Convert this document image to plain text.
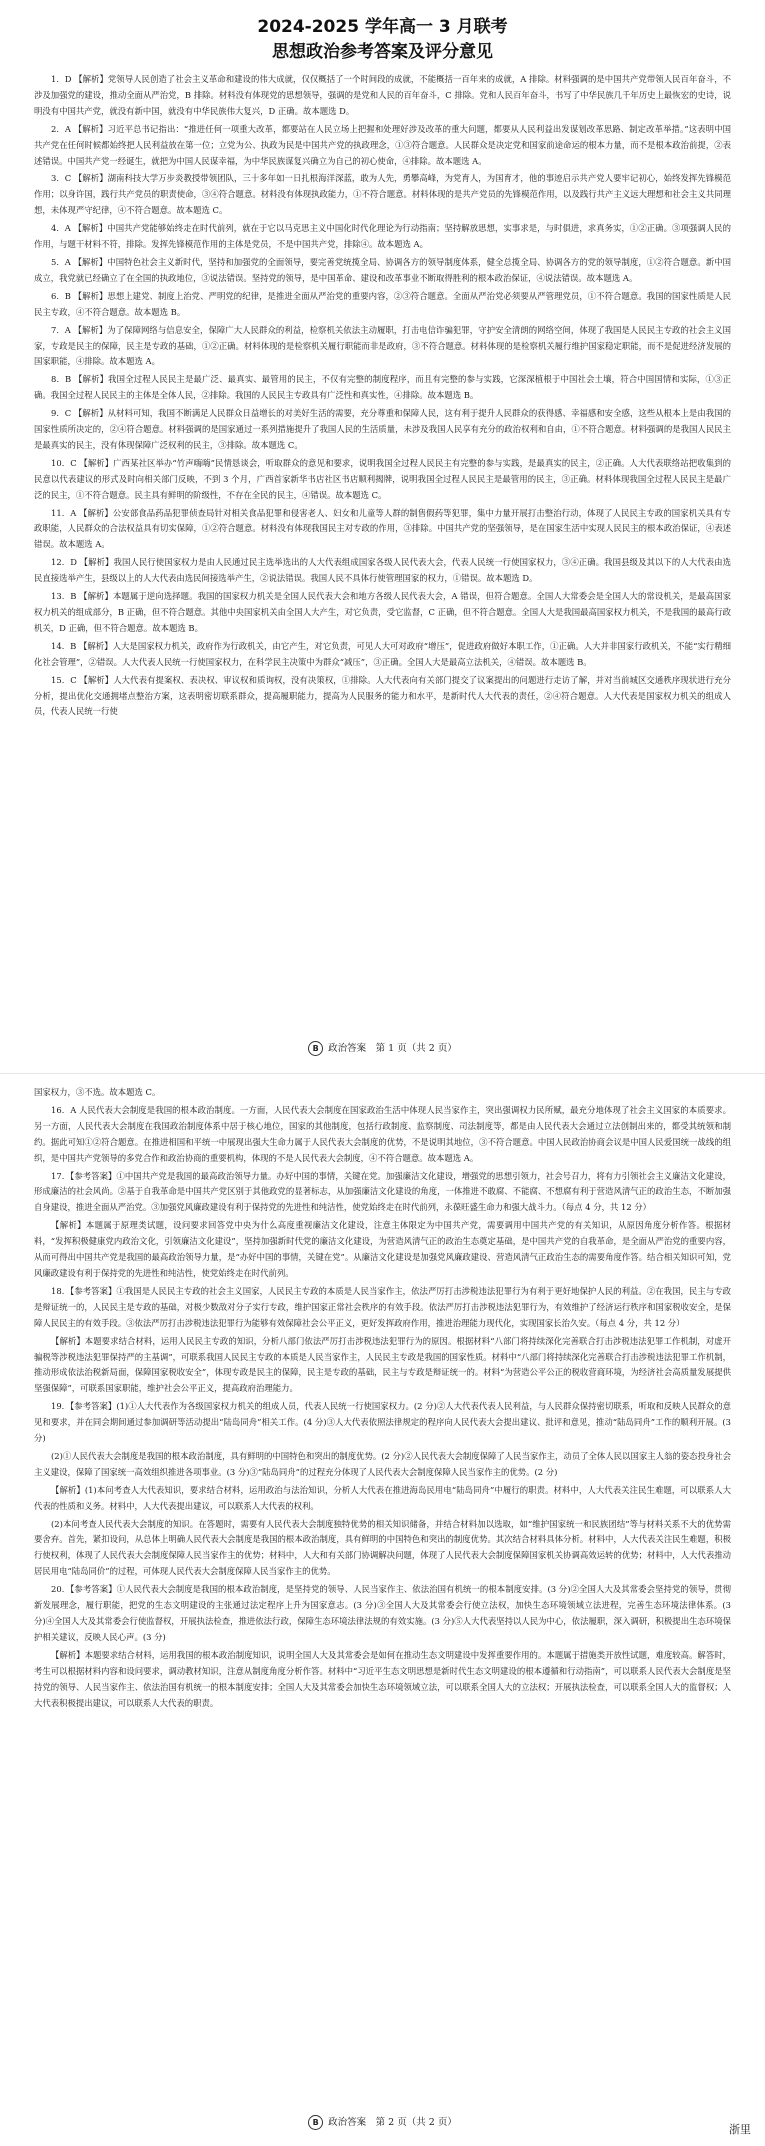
2024-2025 学年高一 3 月联考
思想政治参考答案及评分意见

1．D 【解析】党领导人民创造了社会主义革命和建设的伟大成就，仅仅概括了一个时间段的成就，不能概括一百年来的成就，A 排除。材料强调的是中国共产党带领人民百年奋斗，不涉及加强党的建设，推动全面从严治党，B 排除。材料没有体现党的思想领导，强调的是党和人民的百年奋斗，C 排除。党和人民百年奋斗，书写了中华民族几千年历史上最恢宏的史诗，说明没有中国共产党，就没有新中国，就没有中华民族伟大复兴，D 正确。故本题选 D。

2．A 【解析】习近平总书记指出：“推进任何一项重大改革，都要站在人民立场上把握和处理好涉及改革的重大问题，都要从人民利益出发谋划改革思路、制定改革举措。”这表明中国共产党在任何时候都始终把人民利益放在第一位；立党为公、执政为民是中国共产党的执政理念，①③符合题意。人民群众是决定党和国家前途命运的根本力量，而不是根本政治前提，②表述错误。中国共产党一经诞生，就把为中国人民谋幸福，为中华民族谋复兴确立为自己的初心使命，④排除。故本题选 A。

3．C 【解析】湖南科技大学万步炎教授带领团队，三十多年如一日扎根海洋深蓝，敢为人先，勇攀高峰，为党育人，为国育才，他的事迹启示共产党人要牢记初心，始终发挥先锋模范作用；以身许国，践行共产党员的职责使命，③④符合题意。材料没有体现执政能力，①不符合题意。材料体现的是共产党员的先锋模范作用，以及践行共产主义远大理想和社会主义共同理想，未体现严守纪律，④不符合题意。故本题选 C。

4．A 【解析】中国共产党能够始终走在时代前列，就在于它以马克思主义中国化时代化理论为行动指南；坚持解放思想，实事求是，与时俱进，求真务实，①②正确。③项强调人民的作用，与题干材料不符，排除。发挥先锋模范作用的主体是党员，不是中国共产党，排除④。故本题选 A。

5．A 【解析】中国特色社会主义新时代，坚持和加强党的全面领导，要完善党统揽全局、协调各方的领导制度体系，健全总揽全局、协调各方的党的领导制度，①②符合题意。新中国成立，我党就已经确立了在全国的执政地位，③说法错误。坚持党的领导，是中国革命、建设和改革事业不断取得胜利的根本政治保证，④说法错误。故本题选 A。

6．B 【解析】思想上建党、制度上治党、严明党的纪律，是推进全面从严治党的重要内容，②③符合题意。全面从严治党必须要从严管理党员，①不符合题意。我国的国家性质是人民民主专政，④不符合题意。故本题选 B。

7．A 【解析】为了保障网络与信息安全，保障广大人民群众的利益，检察机关依法主动履职，打击电信诈骗犯罪，守护安全清朗的网络空间，体现了我国是人民民主专政的社会主义国家，专政是民主的保障，民主是专政的基础，①②正确。材料体现的是检察机关履行职能而非是政府，③不符合题意。材料体现的是检察机关履行维护国家稳定职能，而不是促进经济发展的国家职能，④排除。故本题选 A。

8．B 【解析】我国全过程人民民主是最广泛、最真实、最管用的民主，不仅有完整的制度程序，而且有完整的参与实践，它深深植根于中国社会土壤，符合中国国情和实际，①③正确。我国全过程人民民主的主体是全体人民，②排除。我国的人民民主专政具有广泛性和真实性，④排除。故本题选 B。

9．C 【解析】从材料可知，我国不断满足人民群众日益增长的对美好生活的需要，充分尊重和保障人民，这有利于提升人民群众的获得感、幸福感和安全感，这些从根本上是由我国的国家性质所决定的，②④符合题意。材料强调的是国家通过一系列措施提升了我国人民的生活质量，未涉及我国人民享有充分的政治权利和自由，①不符合题意。材料强调的是我国人民民主是最真实的民主，没有体现保障广泛权利的民主，③排除。故本题选 C。

10．C 【解析】广西某社区举办“竹声嗨嗨”民情恳谈会，听取群众的意见和要求，说明我国全过程人民民主有完整的参与实践，是最真实的民主，②正确。人大代表联络站把收集到的民意以代表建议的形式及时向相关部门反映，不到 3 个月，广西首家新华书店社区书店顺利揭牌，说明我国全过程人民民主是最管用的民主，③正确。材料体现我国全过程人民民主是最广泛的民主，①不符合题意。民主具有鲜明的阶级性，不存在全民的民主，④错误。故本题选 C。

11．A 【解析】公安部食品药品犯罪侦查局针对相关食品犯罪和侵害老人、妇女和儿童等人群的制售假药等犯罪，集中力量开展打击整治行动，体现了人民民主专政的国家机关具有专政职能，人民群众的合法权益具有切实保障，①②符合题意。材料没有体现我国民主对专政的作用，③排除。中国共产党的坚强领导，是在国家生活中实现人民民主的根本政治保证，④表述错误。故本题选 A。

12．D 【解析】我国人民行使国家权力是由人民通过民主选举选出的人大代表组成国家各级人民代表大会，代表人民统一行使国家权力，③④正确。我国县级及其以下的人大代表由选民直接选举产生，县级以上的人大代表由选民间接选举产生，②说法错误。我国人民不具体行使管理国家的权力，①错误。故本题选 D。

13．B 【解析】本题属于逆向选择题。我国的国家权力机关是全国人民代表大会和地方各级人民代表大会，A 错误，但符合题意。全国人大常委会是全国人大的常设机关，是最高国家权力机关的组成部分，B 正确，但不符合题意。其他中央国家机关由全国人大产生，对它负责，受它监督，C 正确，但不符合题意。全国人大是我国最高国家权力机关，不是我国的最高行政机关，D 正确，但不符合题意。故本题选 B。

14．B 【解析】人大是国家权力机关，政府作为行政机关，由它产生，对它负责，可见人大可对政府“增压”，促进政府做好本职工作，①正确。人大并非国家行政机关，不能“实行精细化社会管理”，②错误。人大代表人民统一行使国家权力，在科学民主决策中为群众“减压”，③正确。全国人大是最高立法机关，④错误。故本题选 B。

15．C 【解析】人大代表有提案权、表决权、审议权和质询权，没有决策权，①排除。人大代表向有关部门提交了议案提出的问题进行走访了解，并对当前城区交通秩序现状进行充分分析，提出优化交通拥堵点整治方案，这表明密切联系群众，提高履职能力，提高为人民服务的能力和水平，是新时代人大代表的责任，②④符合题意。人大代表是国家权力机关的组成人员，代表人民统一行使

B 政治答案　第 1 页（共 2 页）

国家权力，③不选。故本题选 C。

16．A 人民代表大会制度是我国的根本政治制度。一方面，人民代表大会制度在国家政治生活中体现人民当家作主，突出强调权力民所赋，最充分地体现了社会主义国家的本质要求。另一方面，人民代表大会制度在我国政治制度体系中居于核心地位，国家的其他制度，包括行政制度、监察制度、司法制度等，都是由人民代表大会通过立法创制出来的，都受其统领和制约。据此可知①②符合题意。在推进相国和平统一中展现出强大生命力属于人民代表大会制度的优势，不是说明其地位，③不符合题意。中国人民政治协商会议是中国人民爱国统一战线的组织，是中国共产党领导的多党合作和政治协商的重要机构，体现的不是人民代表大会制度，④不符合题意。故本题选 A。

17．【参考答案】①中国共产党是我国的最高政治领导力量。办好中国的事情，关键在党。加强廉洁文化建设，增强党的思想引领力，社会号召力，将有力引领社会主义廉洁文化建设，形成廉洁的社会风尚。②基于自我革命是中国共产党区别于其他政党的显著标志，从加强廉洁文化建设的角度，一体推进不敢腐、不能腐、不想腐有利于营造风清气正的政治生态，不断加强自身建设，推进全面从严治党。③加强党风廉政建设有利于保持党的先进性和纯洁性，使党始终走在时代前列，永葆旺盛生命力和强大战斗力。（每点 4 分，共 12 分）

【解析】本题属于原理类试题，设问要求回答党中央为什么高度重视廉洁文化建设，注意主体限定为中国共产党，需要调用中国共产党的有关知识，从原因角度分析作答。根据材料，“发挥积极健康党内政治文化，引领廉洁文化建设”，坚持加强新时代党的廉洁文化建设，为营造风清气正的政治生态奠定基础，是中国共产党的自我革命，是全面从严治党的重要内容，从而可得出中国共产党是我国的最高政治领导力量，是“办好中国的事情，关键在党”。从廉洁文化建设是加强党风廉政建设、营造风清气正政治生态的需要角度作答。结合相关知识可知，党风廉政建设有利于保持党的先进性和纯洁性，使党始终走在时代前列。

18．【参考答案】①我国是人民民主专政的社会主义国家，人民民主专政的本质是人民当家作主，依法严厉打击涉税违法犯罪行为有利于更好地保护人民的利益。②在我国，民主与专政是辩证统一的，人民民主是专政的基础，对极少数敌对分子实行专政，维护国家正常社会秩序的有效手段。依法严厉打击涉税违法犯罪行为，有效维护了经济运行秩序和国家税收安全，是保障人民民主的有效手段。③依法严厉打击涉税违法犯罪行为能够有效保障社会公平正义，更好发挥政府作用，推进治理能力现代化，实现国家长治久安。（每点 4 分，共 12 分）

【解析】本题要求结合材料，运用人民民主专政的知识，分析八部门依法严厉打击涉税违法犯罪行为的原因。根据材料“八部门将持续深化完善联合打击涉税违法犯罪工作机制，对虚开骗税等涉税违法犯罪保持严的主基调”，可联系我国人民民主专政的本质是人民当家作主，人民民主专政是我国的国家性质。材料中“八部门将持续深化完善联合打击涉税违法犯罪工作机制，推动形成依法治税新局面，保障国家税收安全”，体现专政是民主的保障，民主是专政的基础，民主与专政是辩证统一的。材料“为营造公平公正的税收营商环境，为经济社会高质量发展提供坚强保障”，可联系国家职能，维护社会公平正义，提高政府治理能力。

19．【参考答案】(1)①人大代表作为各级国家权力机关的组成人员，代表人民统一行使国家权力。(2 分)②人大代表代表人民利益，与人民群众保持密切联系，听取和反映人民群众的意见和要求，并在同会期间通过参加调研等活动提出“陆岛同舟”相关工作。(4 分)③人大代表依照法律规定的程序向人民代表大会提出建议、批评和意见，推动“陆岛同舟”工作的顺利开展。(3 分)

(2)①人民代表大会制度是我国的根本政治制度，具有鲜明的中国特色和突出的制度优势。(2 分)②人民代表大会制度保障了人民当家作主，动员了全体人民以国家主人翁的姿态投身社会主义建设，保障了国家统一高效组织推进各项事业。(3 分)③“陆岛同舟”的过程充分体现了人民代表大会制度保障人民当家作主的优势。(2 分)

【解析】(1)本问考查人大代表知识，要求结合材料，运用政治与法治知识，分析人大代表在推进海岛民用电“陆岛同舟”中履行的职责。材料中，人大代表关注民生难题，可以联系人大代表的性质和义务。材料中，人大代表提出建议，可以联系人大代表的权利。

(2)本问考查人民代表大会制度的知识。在答题时，需要有人民代表大会制度独特优势的相关知识储备，并结合材料加以选取，如“维护国家统一和民族团结”等与材料关系不大的优势需要舍弃。首先，紧扣设问，从总体上明确人民代表大会制度是我国的根本政治制度，具有鲜明的中国特色和突出的制度优势。其次结合材料具体分析。材料中，人大代表关注民生难题，积极行使权利，体现了人民代表大会制度保障人民当家作主的优势；材料中，人大和有关部门协调解决问题，体现了人民代表大会制度保障国家机关协调高效运转的优势；材料中，人大代表推动居民用电“陆岛同价”的过程，可体现人民代表大会制度保障人民当家作主的优势。

20．【参考答案】①人民代表大会制度是我国的根本政治制度，是坚持党的领导、人民当家作主、依法治国有机统一的根本制度安排。(3 分)②全国人大及其常委会坚持党的领导，贯彻新发展理念，履行职能，把党的生态文明建设的主张通过法定程序上升为国家意志。(3 分)③全国人大及其常委会行使立法权，加快生态环境领域立法进程，完善生态环境法律体系。(3 分)④全国人大及其常委会行使监督权，开展执法检查，推进依法行政，保障生态环境法律法规的有效实施。(3 分)⑤人大代表坚持以人民为中心，依法履职，深入调研，积极提出生态环境保护相关建议，反映人民心声。(3 分)

【解析】本题要求结合材料，运用我国的根本政治制度知识，说明全国人大及其常委会是如何在推动生态文明建设中发挥重要作用的。本题属于措施类开放性试题，难度较高。解答时，考生可以根据材料内容和设问要求，调动教材知识，注意从制度角度分析作答。材料中“习近平生态文明思想是新时代生态文明建设的根本遵循和行动指南”，可以联系人民代表大会制度是坚持党的领导、人民当家作主、依法治国有机统一的根本制度安排；全国人大及其常委会加快生态环境领域立法，可以联系全国人大的立法权；开展执法检查，可以联系全国人大的监督权；人大代表积极提出建议，可以联系人大代表的职责。

B 政治答案　第 2 页（共 2 页）
浙里
